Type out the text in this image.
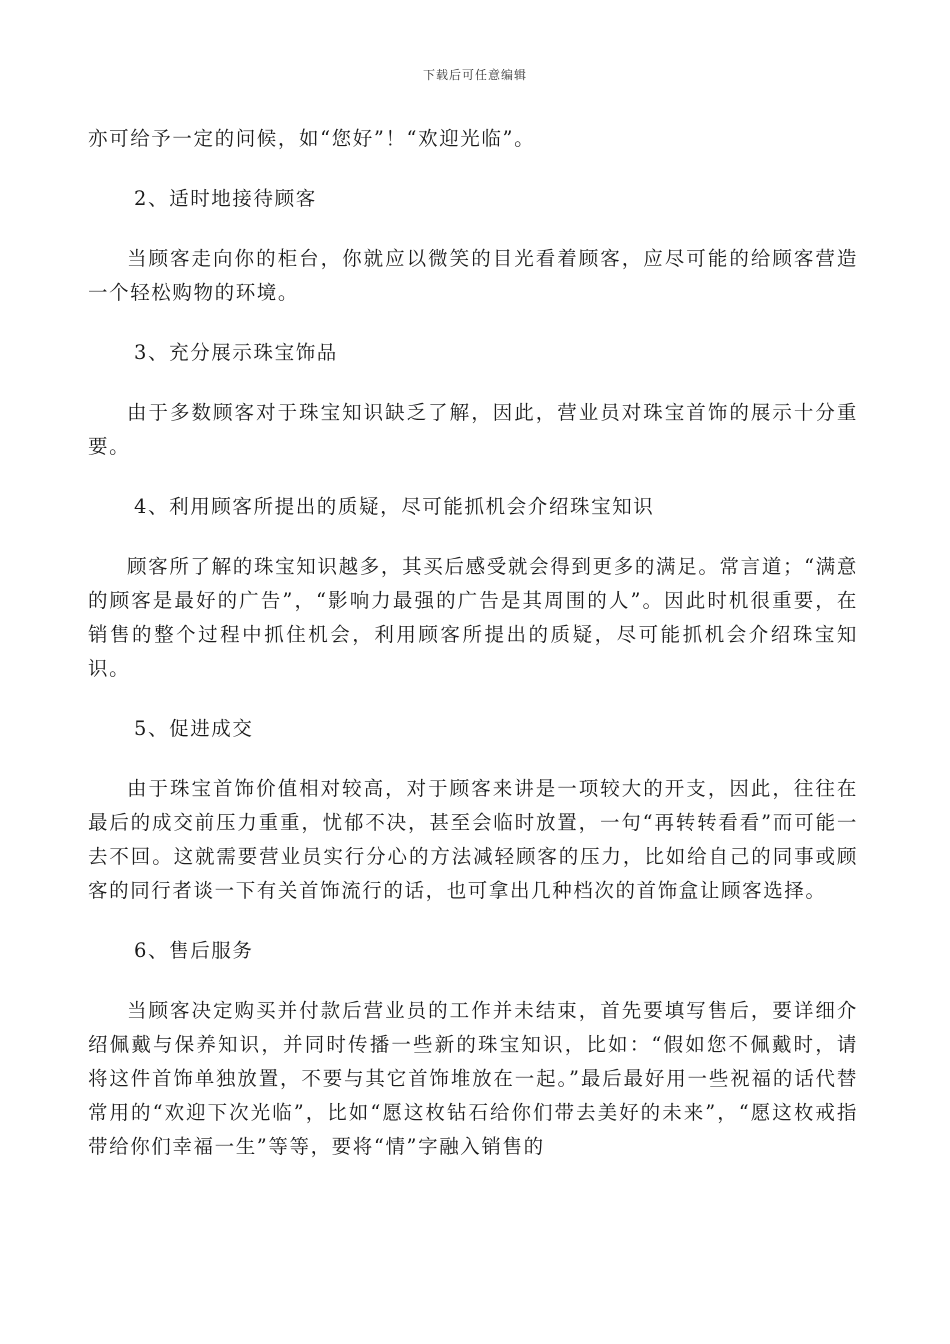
下载后可任意编辑

亦可给予一定的问候，如“您好”！“欢迎光临”。

2、适时地接待顾客

当顾客走向你的柜台，你就应以微笑的目光看着顾客，应尽可能的给顾客营造一个轻松购物的环境。

3、充分展示珠宝饰品

由于多数顾客对于珠宝知识缺乏了解，因此，营业员对珠宝首饰的展示十分重要。

4、利用顾客所提出的质疑，尽可能抓机会介绍珠宝知识

顾客所了解的珠宝知识越多，其买后感受就会得到更多的满足。常言道；“满意的顾客是最好的广告”，“影响力最强的广告是其周围的人”。因此时机很重要，在销售的整个过程中抓住机会，利用顾客所提出的质疑，尽可能抓机会介绍珠宝知识。

5、促进成交

由于珠宝首饰价值相对较高，对于顾客来讲是一项较大的开支，因此，往往在最后的成交前压力重重，忧郁不决，甚至会临时放置，一句“再转转看看”而可能一去不回。这就需要营业员实行分心的方法减轻顾客的压力，比如给自己的同事或顾客的同行者谈一下有关首饰流行的话，也可拿出几种档次的首饰盒让顾客选择。

6、售后服务

当顾客决定购买并付款后营业员的工作并未结束，首先要填写售后，要详细介绍佩戴与保养知识，并同时传播一些新的珠宝知识，比如：“假如您不佩戴时，请将这件首饰单独放置，不要与其它首饰堆放在一起。”最后最好用一些祝福的话代替常用的“欢迎下次光临”，比如“愿这枚钻石给你们带去美好的未来”，“愿这枚戒指带给你们幸福一生”等等，要将“情”字融入销售的
